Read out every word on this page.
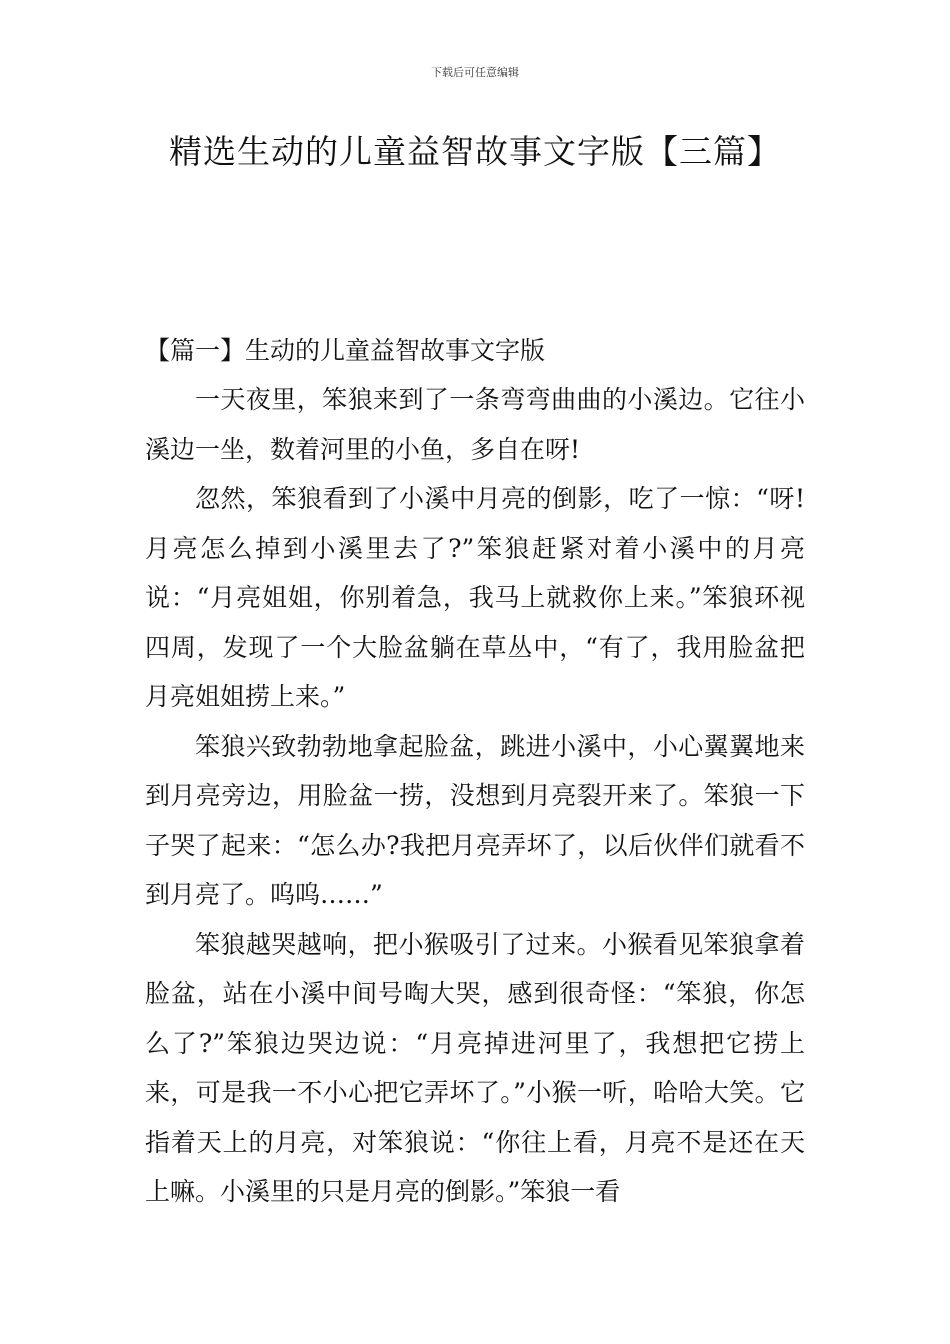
下载后可任意编辑
精选生动的儿童益智故事文字版【三篇】
【篇一】生动的儿童益智故事文字版

一天夜里，笨狼来到了一条弯弯曲曲的小溪边。它往小溪边一坐，数着河里的小鱼，多自在呀!

忽然，笨狼看到了小溪中月亮的倒影，吃了一惊：“呀!月亮怎么掉到小溪里去了?”笨狼赶紧对着小溪中的月亮说：“月亮姐姐，你别着急，我马上就救你上来。”笨狼环视四周，发现了一个大脸盆躺在草丛中，“有了，我用脸盆把月亮姐姐捞上来。”

笨狼兴致勃勃地拿起脸盆，跳进小溪中，小心翼翼地来到月亮旁边，用脸盆一捞，没想到月亮裂开来了。笨狼一下子哭了起来：“怎么办?我把月亮弄坏了，以后伙伴们就看不到月亮了。呜呜……”

笨狼越哭越响，把小猴吸引了过来。小猴看见笨狼拿着脸盆，站在小溪中间号啕大哭，感到很奇怪：“笨狼，你怎么了?”笨狼边哭边说：“月亮掉进河里了，我想把它捞上来，可是我一不小心把它弄坏了。”小猴一听，哈哈大笑。它指着天上的月亮，对笨狼说：“你往上看，月亮不是还在天上嘛。小溪里的只是月亮的倒影。”笨狼一看
